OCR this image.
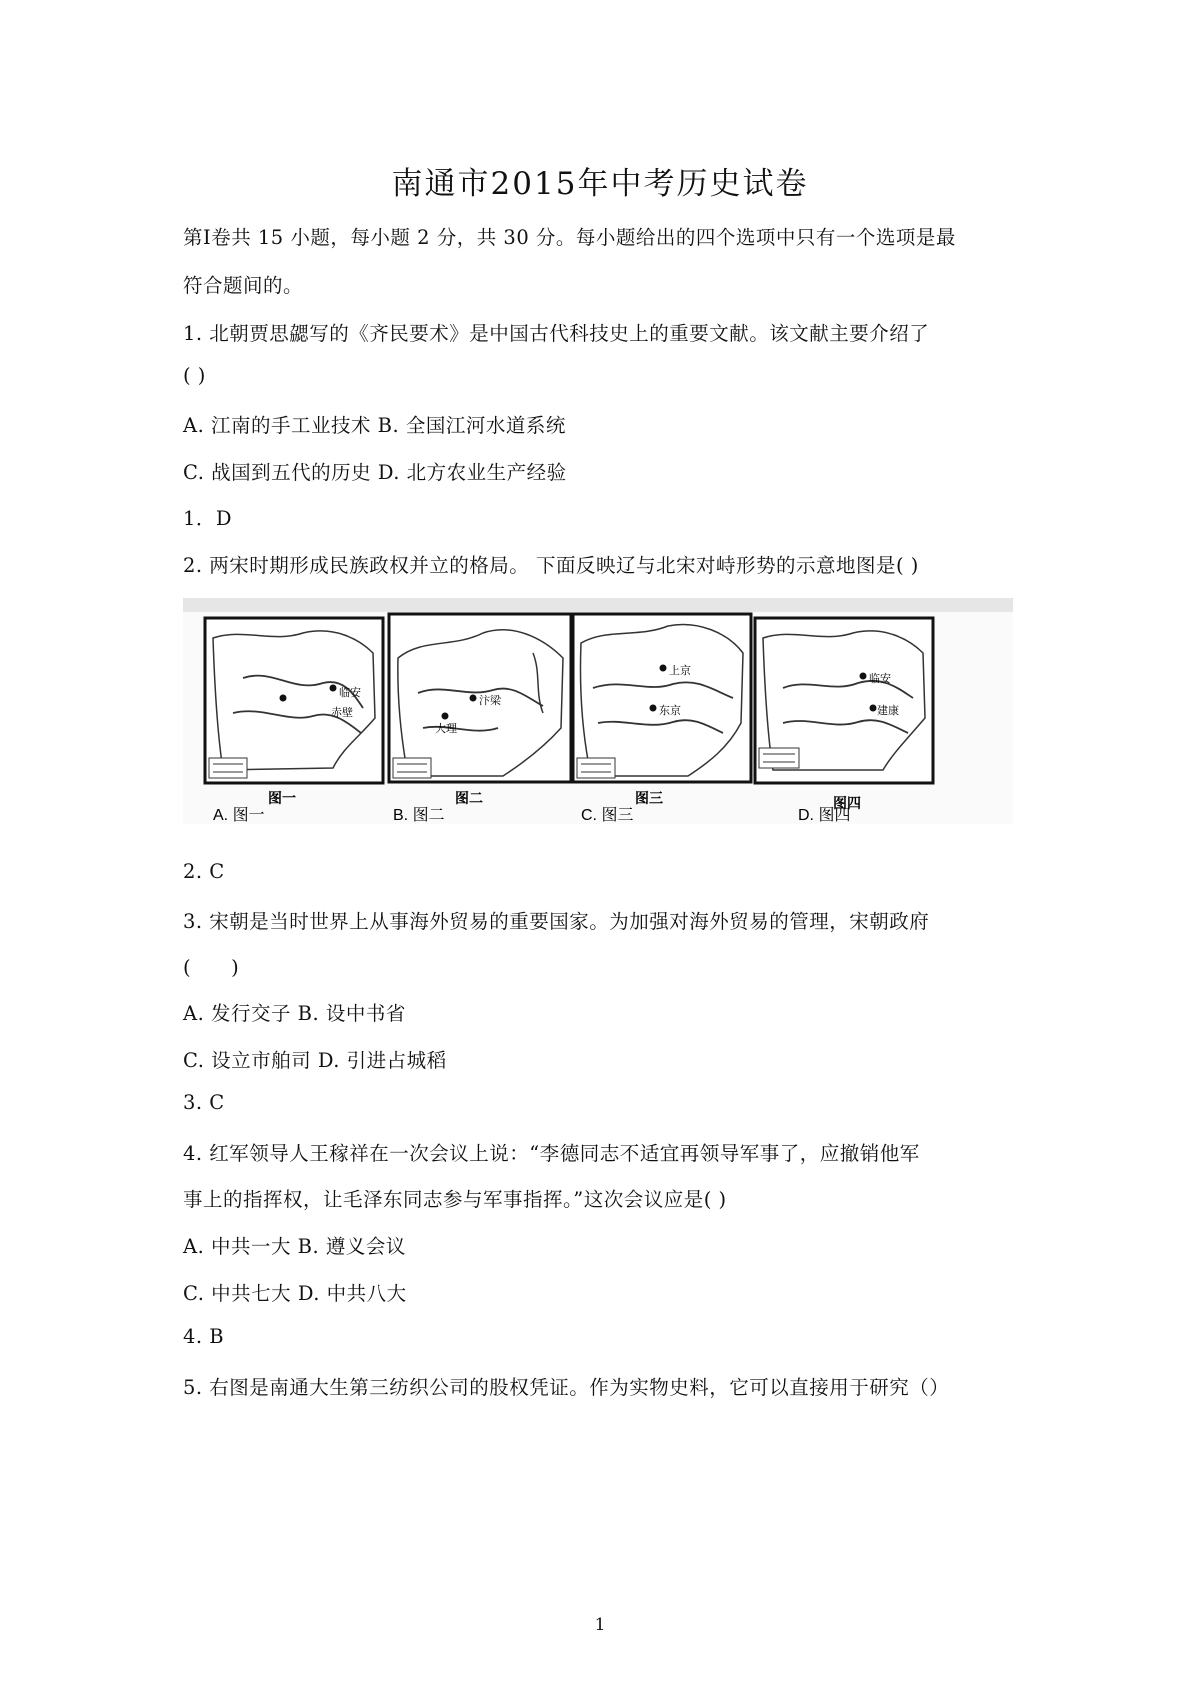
南通市2015年中考历史试卷
第Ⅰ卷共 15 小题，每小题 2 分，共 30 分。每小题给出的四个选项中只有一个选项是最
符合题间的。
1. 北朝贾思勰写的《齐民要术》是中国古代科技史上的重要文献。该文献主要介绍了
( )
A. 江南的手工业技术 B. 全国江河水道系统
C. 战国到五代的历史 D. 北方农业生产经验
1．D
2. 两宋时期形成民族政权并立的格局。 下面反映辽与北宋对峙形势的示意地图是( )
临安
赤壁
图一
A. 图一
汴梁
大理
图二
B. 图二
上京
东京
图三
C. 图三
临安
建康
图四
D. 图四
2. C
3. 宋朝是当时世界上从事海外贸易的重要国家。为加强对海外贸易的管理，宋朝政府
(　　)
A. 发行交子 B. 设中书省
C. 设立市舶司 D. 引进占城稻
3. C
4. 红军领导人王稼祥在一次会议上说：“李德同志不适宜再领导军事了，应撤销他军
事上的指挥权，让毛泽东同志参与军事指挥。”这次会议应是( )
A. 中共一大 B. 遵义会议
C. 中共七大 D. 中共八大
4. B
5. 右图是南通大生第三纺织公司的股权凭证。作为实物史料，它可以直接用于研究（）
1
